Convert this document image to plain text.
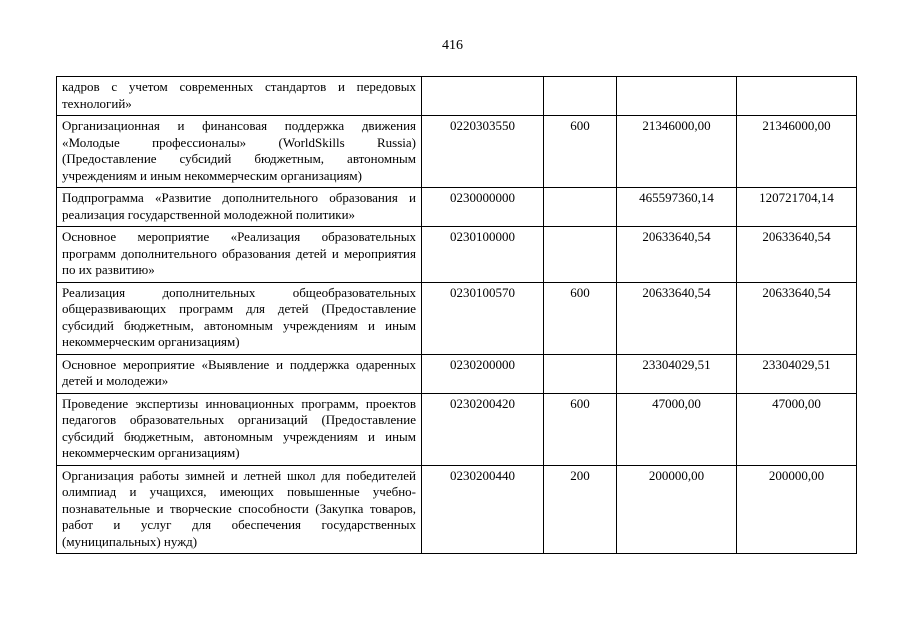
416
кадров с учетом современных стандартов и передовых технологий»				
Организационная и финансовая поддержка движения «Молодые профессионалы» (WorldSkills Russia) (Предоставление субсидий бюджетным, автономным учреждениям и иным некоммерческим организациям)	0220303550	600	21346000,00	21346000,00
Подпрограмма «Развитие дополнительного образования и реализация государственной молодежной политики»	0230000000		465597360,14	120721704,14
Основное мероприятие «Реализация образовательных программ дополнительного образования детей и мероприятия по их развитию»	0230100000		20633640,54	20633640,54
Реализация дополнительных общеобразовательных общеразвивающих программ для детей (Предоставление субсидий бюджетным, автономным учреждениям и иным некоммерческим организациям)	0230100570	600	20633640,54	20633640,54
Основное мероприятие «Выявление и поддержка одаренных детей и молодежи»	0230200000		23304029,51	23304029,51
Проведение экспертизы инновационных программ, проектов педагогов образовательных организаций (Предоставление субсидий бюджетным, автономным учреждениям и иным некоммерческим организациям)	0230200420	600	47000,00	47000,00
Организация работы зимней и летней школ для победителей олимпиад и учащихся, имеющих повышенные учебно-познавательные и творческие способности (Закупка товаров, работ и услуг для обеспечения государственных (муниципальных) нужд)	0230200440	200	200000,00	200000,00
